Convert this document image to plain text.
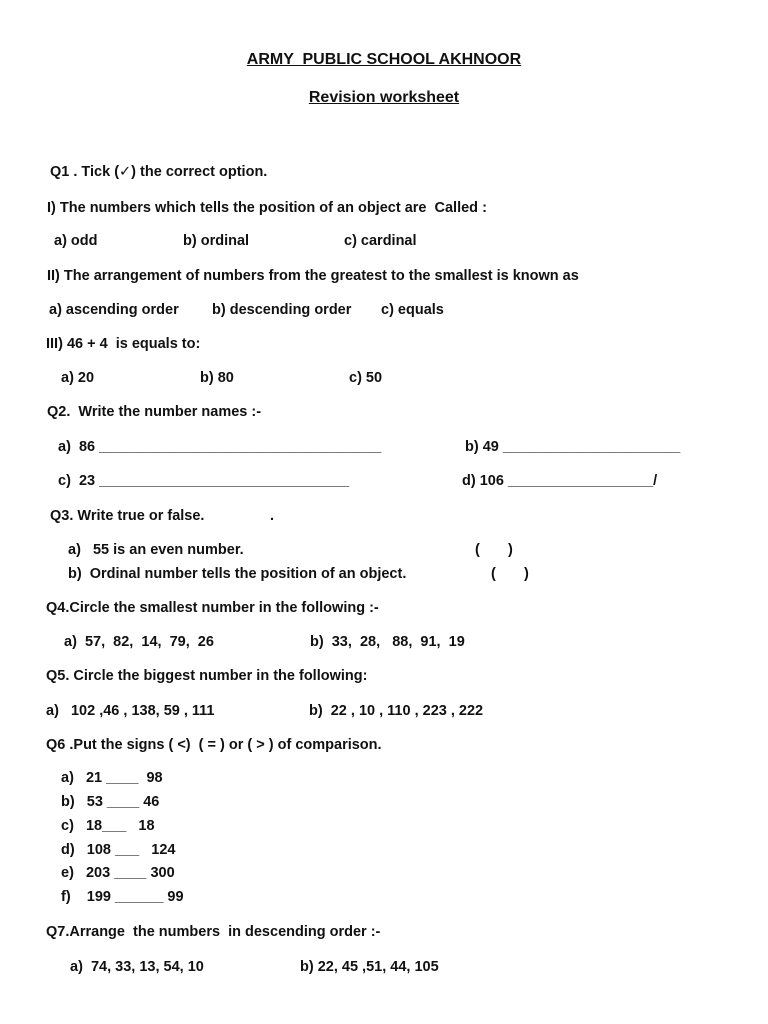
ARMY  PUBLIC SCHOOL AKHNOOR
Revision worksheet
Q1 . Tick (✓) the correct option.
I) The numbers which tells the position of an object are  Called :
a) odd	b) ordinal	c) cardinal
II) The arrangement of numbers from the greatest to the smallest is known as
a) ascending order b) descending order c) equals
III) 46 + 4  is equals to:
a) 20	b) 80	c) 50
Q2.  Write the number names :-
a)  86 ___________________________________	b) 49 ______________________
c)  23 _______________________________	d) 106 __________________/
Q3. Write true or false.	.
a)   55 is an even number.	(       )
b)  Ordinal number tells the position of an object.	(       )
Q4.Circle the smallest number in the following :-
a)  57,  82,  14,  79,  26	b)  33,  28,   88,  91,  19
Q5. Circle the biggest number in the following:
a)   102 ,46 , 138, 59 , 111	b)  22 , 10 , 110 , 223 , 222
Q6 .Put the signs ( <)  ( = ) or ( > ) of comparison.
a)   21 ____  98
b)   53 ____ 46
c)   18___   18
d)   108 ___   124
e)   203 ____ 300
f)    199 ______ 99
Q7.Arrange  the numbers  in descending order :-
a)  74, 33, 13, 54, 10	b) 22, 45 ,51, 44, 105
